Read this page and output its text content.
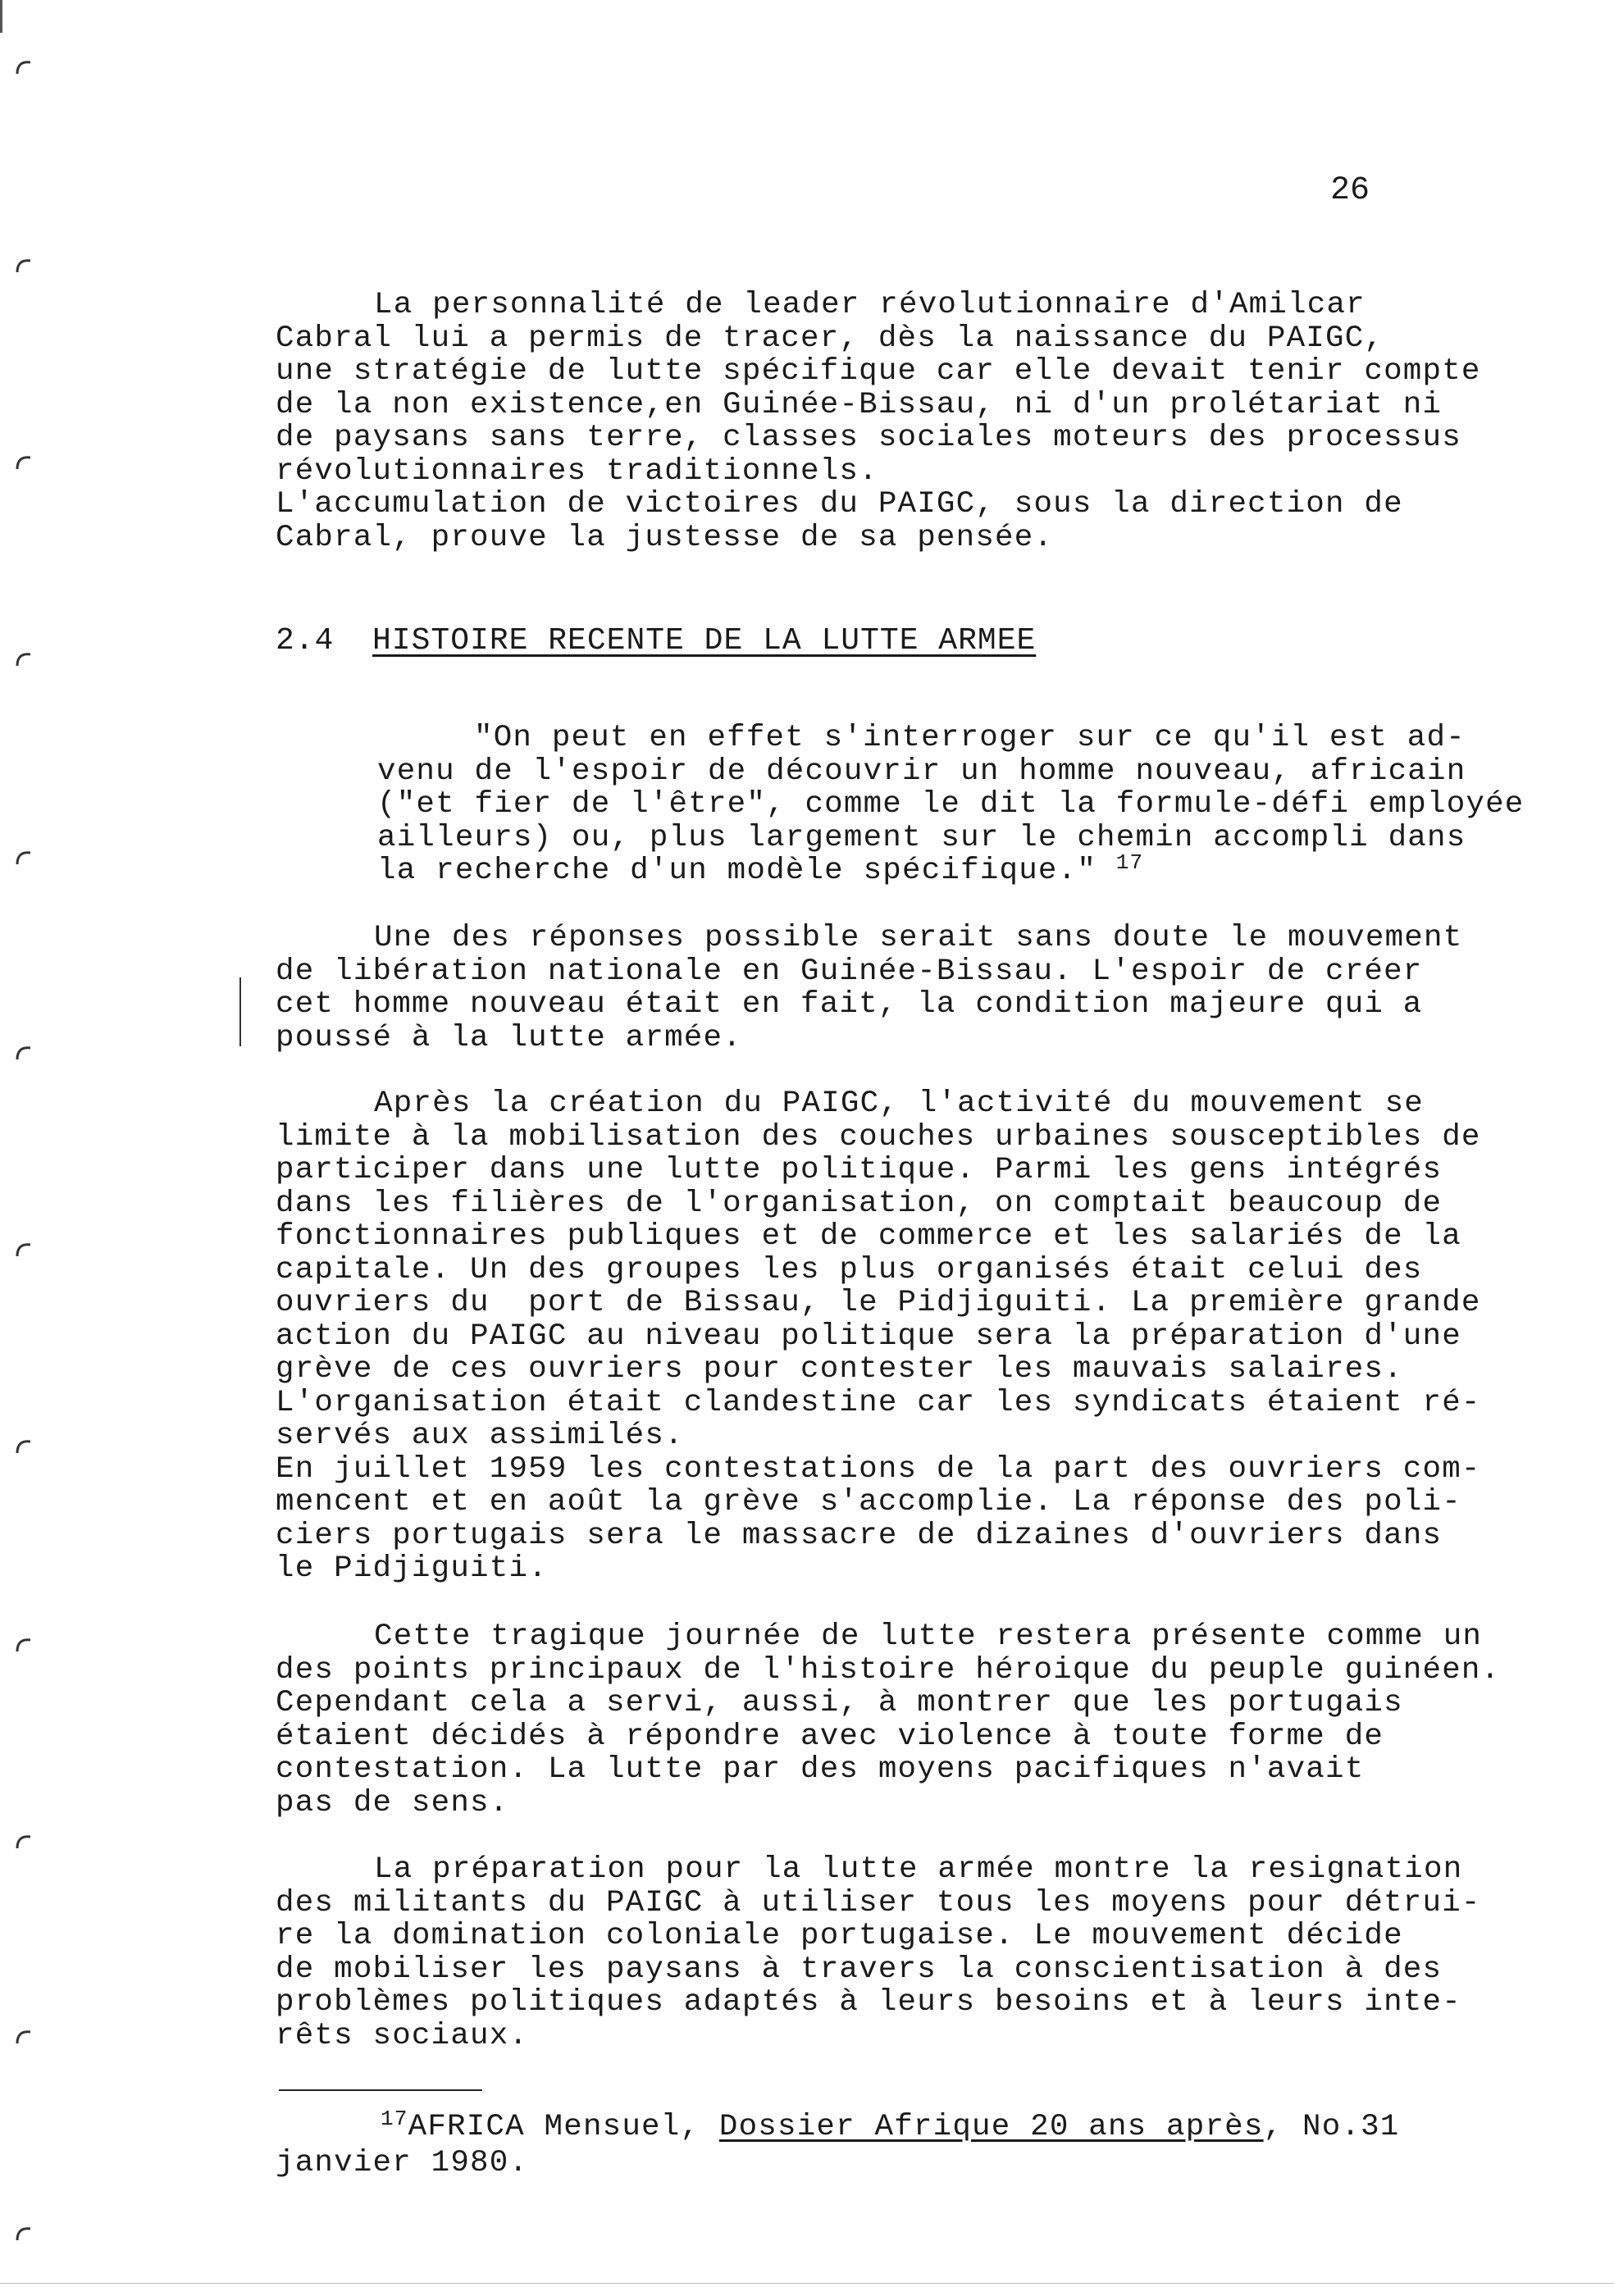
26
La personnalité de leader révolutionnaire d'Amilcar
Cabral lui a permis de tracer, dès la naissance du PAIGC,
une stratégie de lutte spécifique car elle devait tenir compte
de la non existence,en Guinée-Bissau, ni d'un prolétariat ni
de paysans sans terre, classes sociales moteurs des processus
révolutionnaires traditionnels.
L'accumulation de victoires du PAIGC, sous la direction de
Cabral, prouve la justesse de sa pensée.
2.4 HISTOIRE RECENTE DE LA LUTTE ARMEE
"On peut en effet s'interroger sur ce qu'il est ad-
venu de l'espoir de découvrir un homme nouveau, africain
("et fier de l'être", comme le dit la formule-défi employée
ailleurs) ou, plus largement sur le chemin accompli dans
la recherche d'un modèle spécifique." $^{17}$
Une des réponses possible serait sans doute le mouvement
de libération nationale en Guinée-Bissau. L'espoir de créer
cet homme nouveau était en fait, la condition majeure qui a
poussé à la lutte armée.
Après la création du PAIGC, l'activité du mouvement se
limite à la mobilisation des couches urbaines sousceptibles de
participer dans une lutte politique. Parmi les gens intégrés
dans les filières de l'organisation, on comptait beaucoup de
fonctionnaires publiques et de commerce et les salariés de la
capitale. Un des groupes les plus organisés était celui des
ouvriers du  port de Bissau, le Pidjiguiti. La première grande
action du PAIGC au niveau politique sera la préparation d'une
grève de ces ouvriers pour contester les mauvais salaires.
L'organisation était clandestine car les syndicats étaient ré-
servés aux assimilés.
En juillet 1959 les contestations de la part des ouvriers com-
mencent et en août la grève s'accomplie. La réponse des poli-
ciers portugais sera le massacre de dizaines d'ouvriers dans
le Pidjiguiti.
Cette tragique journée de lutte restera présente comme un
des points principaux de l'histoire héroique du peuple guinéen.
Cependant cela a servi, aussi, à montrer que les portugais
étaient décidés à répondre avec violence à toute forme de
contestation. La lutte par des moyens pacifiques n'avait
pas de sens.
La préparation pour la lutte armée montre la resignation
des militants du PAIGC à utiliser tous les moyens pour détrui-
re la domination coloniale portugaise. Le mouvement décide
de mobiliser les paysans à travers la conscientisation à des
problèmes politiques adaptés à leurs besoins et à leurs inte-
rêts sociaux.
$^{17}$AFRICA Mensuel, Dossier Afrique 20 ans après, No.31
janvier 1980.
